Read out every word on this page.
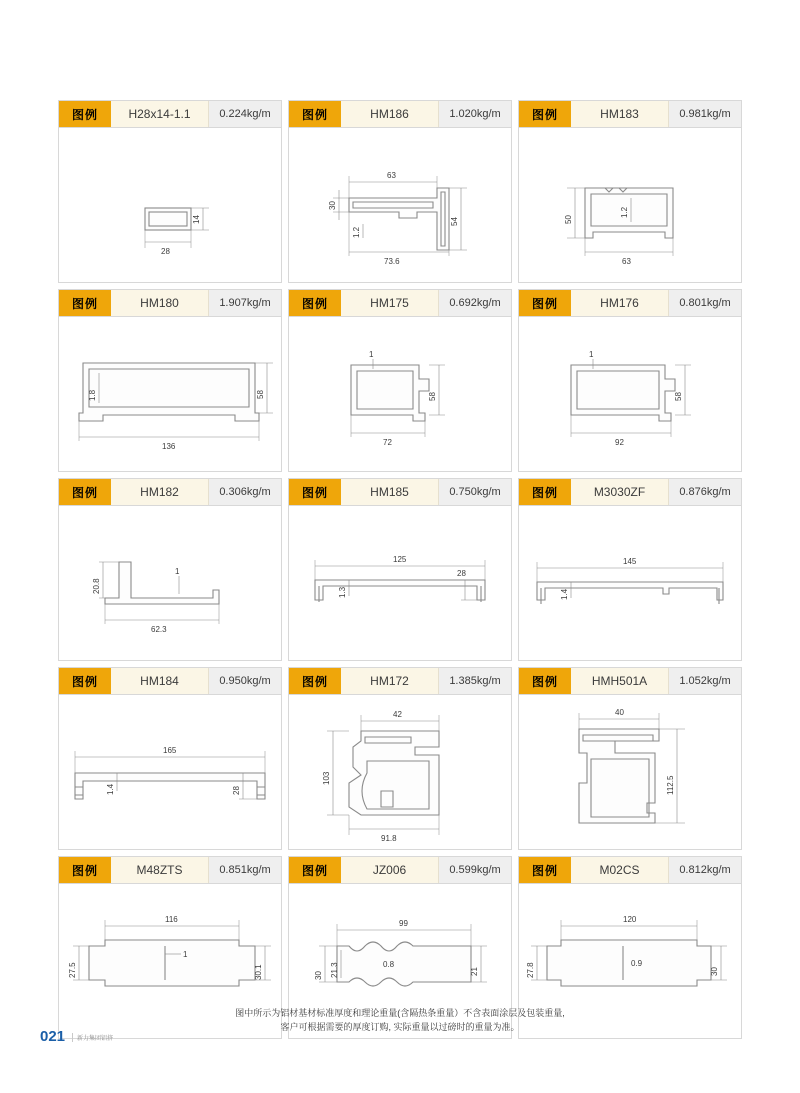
图例	H28x14-1.1	0.224kg/m
14
28
图例	HM186	1.020kg/m
63
30
54
1.2
73.6
图例	HM183	0.981kg/m
50
1.2
63
图例	HM180	1.907kg/m
1.8	58
136
图例	HM175	0.692kg/m
1
58
72
图例	HM176	0.801kg/m
1
58
92
图例	HM182	0.306kg/m
20.8
1
62.3
图例	HM185	0.750kg/m
125
1.3
28
图例	M3030ZF	0.876kg/m
145
1.4
图例	HM184	0.950kg/m
165
1.4	28
图例	HM172	1.385kg/m
42
103
91.8
图例	HMH501A	1.052kg/m
40
112.5
图例	M48ZTS	0.851kg/m
27.5
116
1
30.1
图例	JZ006	0.599kg/m
30 21.3
99
0.8
21
图例	M02CS	0.812kg/m
27.8
120
0.9
30
图中所示为铝材基材标准厚度和理论重量(含隔热条重量）不含表面涂层及包装重量,
客户可根据需要的厚度订购, 实际重量以过磅时的重量为准。
021	新力集团铝挤
